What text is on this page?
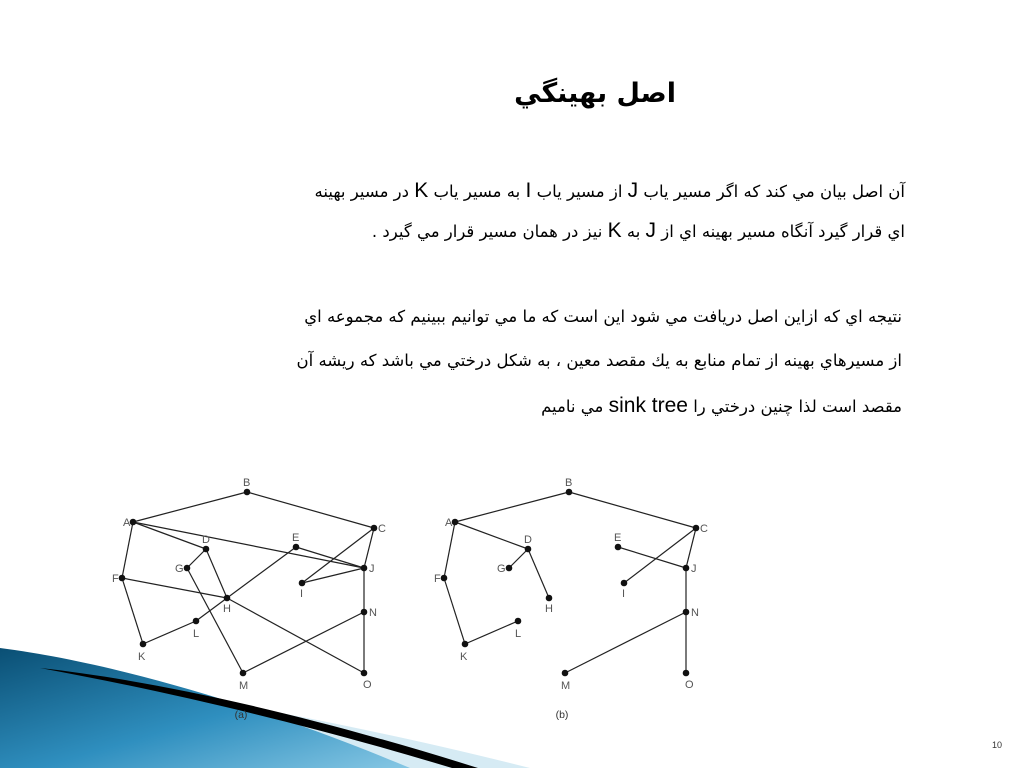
اصل بهينگي
آن اصل بيان مي كند كه اگر مسير ياب J از مسير ياب I به مسير ياب K در مسير بهينه
اي قرار گيرد آنگاه مسير بهينه اي از J به K نيز در همان مسير قرار مي گيرد .
نتيجه اي كه ازاين اصل دريافت مي شود اين است كه ما مي توانيم ببينيم كه مجموعه اي
از مسيرهاي بهينه از تمام منابع به يك مقصد معين ، به شكل درختي مي باشد كه ريشه آن
مقصد است لذا چنين درختي را sink tree مي ناميم
A
B
C
D	E
F
G
H
I
J
K
L
M
N
O
(a)
A
B
C
D	E
F
G
H
I
J
K
L
M
N
O
(b)
10
